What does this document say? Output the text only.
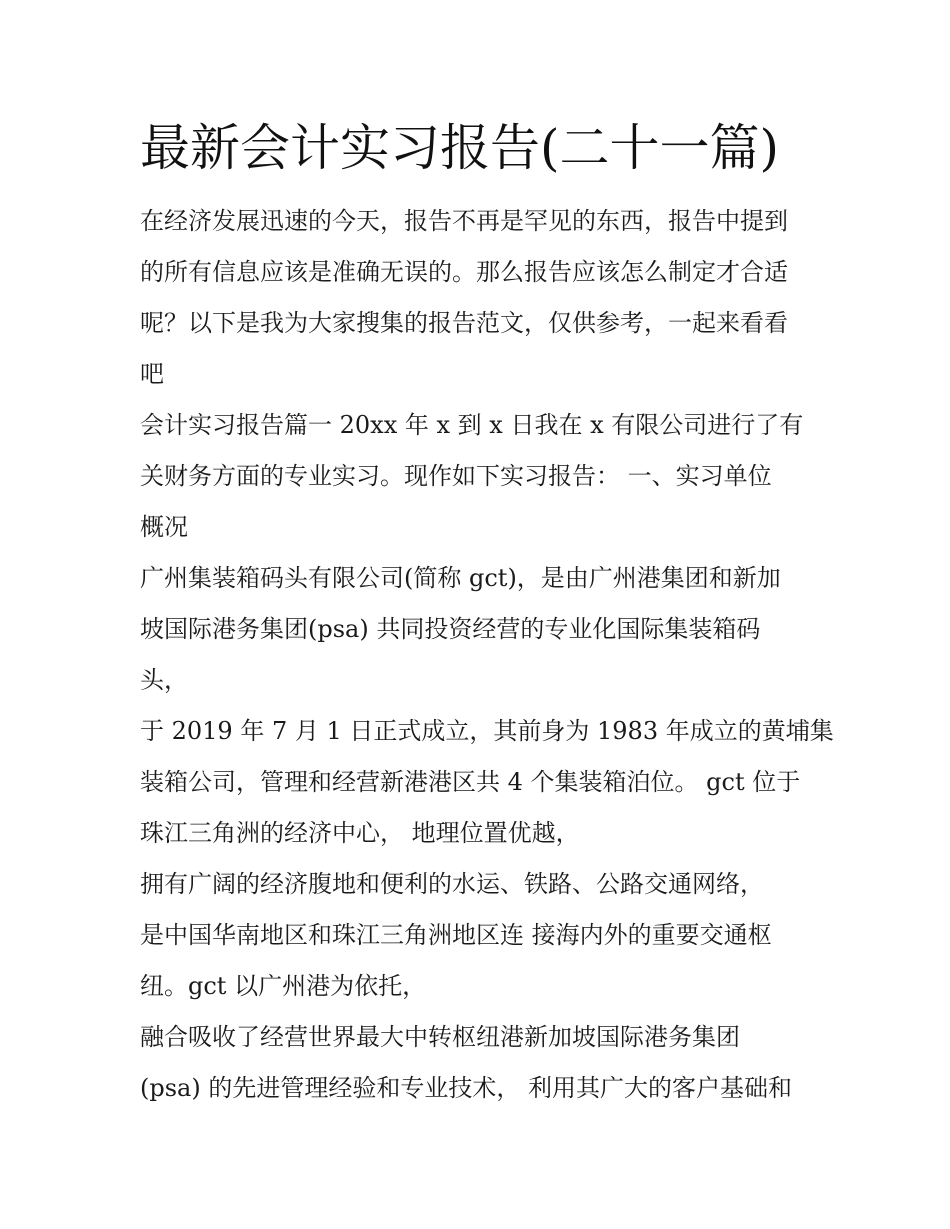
最新会计实习报告(二十一篇)
在经济发展迅速的今天，报告不再是罕见的东西，报告中提到
的所有信息应该是准确无误的。那么报告应该怎么制定才合适
呢？以下是我为大家搜集的报告范文，仅供参考，一起来看看
吧
会计实习报告篇一 20xx 年 x 到 x 日我在 x 有限公司进行了有
关财务方面的专业实习。现作如下实习报告： 一、实习单位
概况
广州集装箱码头有限公司(简称 gct)，是由广州港集团和新加
坡国际港务集团(psa) 共同投资经营的专业化国际集装箱码
头，
于 2019 年 7 月 1 日正式成立，其前身为 1983 年成立的黄埔集
装箱公司，管理和经营新港港区共 4 个集装箱泊位。 gct 位于
珠江三角洲的经济中心， 地理位置优越，
拥有广阔的经济腹地和便利的水运、铁路、公路交通网络，
是中国华南地区和珠江三角洲地区连 接海内外的重要交通枢
纽。gct 以广州港为依托，
融合吸收了经营世界最大中转枢纽港新加坡国际港务集团
(psa) 的先进管理经验和专业技术， 利用其广大的客户基础和
